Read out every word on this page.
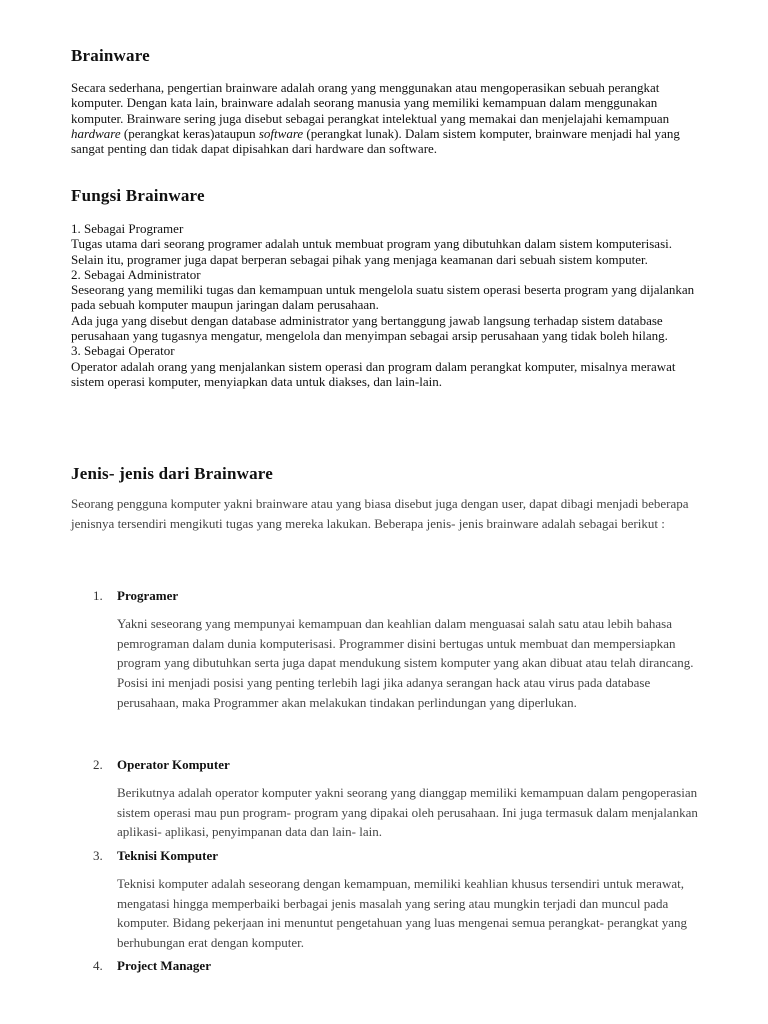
Brainware

Secara sederhana, pengertian brainware adalah orang yang menggunakan atau mengoperasikan sebuah perangkat komputer. Dengan kata lain, brainware adalah seorang manusia yang memiliki kemampuan dalam menggunakan komputer. Brainware sering juga disebut sebagai perangkat intelektual yang memakai dan menjelajahi kemampuan hardware (perangkat keras)ataupun software (perangkat lunak). Dalam sistem komputer, brainware menjadi hal yang sangat penting dan tidak dapat dipisahkan dari hardware dan software.

Fungsi Brainware
1. Sebagai Programer
Tugas utama dari seorang programer adalah untuk membuat program yang dibutuhkan dalam sistem komputerisasi. Selain itu, programer juga dapat berperan sebagai pihak yang menjaga keamanan dari sebuah sistem komputer.
2. Sebagai Administrator
Seseorang yang memiliki tugas dan kemampuan untuk mengelola suatu sistem operasi beserta program yang dijalankan pada sebuah komputer maupun jaringan dalam perusahaan.
Ada juga yang disebut dengan database administrator yang bertanggung jawab langsung terhadap sistem database perusahaan yang tugasnya mengatur, mengelola dan menyimpan sebagai arsip perusahaan yang tidak boleh hilang.
3. Sebagai Operator
Operator adalah orang yang menjalankan sistem operasi dan program dalam perangkat komputer, misalnya merawat sistem operasi komputer, menyiapkan data untuk diakses, dan lain-lain.
Jenis- jenis dari Brainware

Seorang pengguna komputer yakni brainware atau yang biasa disebut juga dengan user, dapat dibagi menjadi beberapa jenisnya tersendiri mengikuti tugas yang mereka lakukan. Beberapa jenis- jenis brainware adalah sebagai berikut :

1. Programer

Yakni seseorang yang mempunyai kemampuan dan keahlian dalam menguasai salah satu atau lebih bahasa pemrograman dalam dunia komputerisasi. Programmer disini bertugas untuk membuat dan mempersiapkan program yang dibutuhkan serta juga dapat mendukung sistem komputer yang akan dibuat atau telah dirancang. Posisi ini menjadi posisi yang penting terlebih lagi jika adanya serangan hack atau virus pada database perusahaan, maka Programmer akan melakukan tindakan perlindungan yang diperlukan.

2. Operator Komputer

Berikutnya adalah operator komputer yakni seorang yang dianggap memiliki kemampuan dalam pengoperasian sistem operasi mau pun program- program yang dipakai oleh perusahaan. Ini juga termasuk dalam menjalankan aplikasi- aplikasi, penyimpanan data dan lain- lain.

3. Teknisi Komputer

Teknisi komputer adalah seseorang dengan kemampuan, memiliki keahlian khusus tersendiri untuk merawat, mengatasi hingga memperbaiki berbagai jenis masalah yang sering atau mungkin terjadi dan muncul pada komputer. Bidang pekerjaan ini menuntut pengetahuan yang luas mengenai semua perangkat- perangkat yang berhubungan erat dengan komputer.

4. Project Manager
